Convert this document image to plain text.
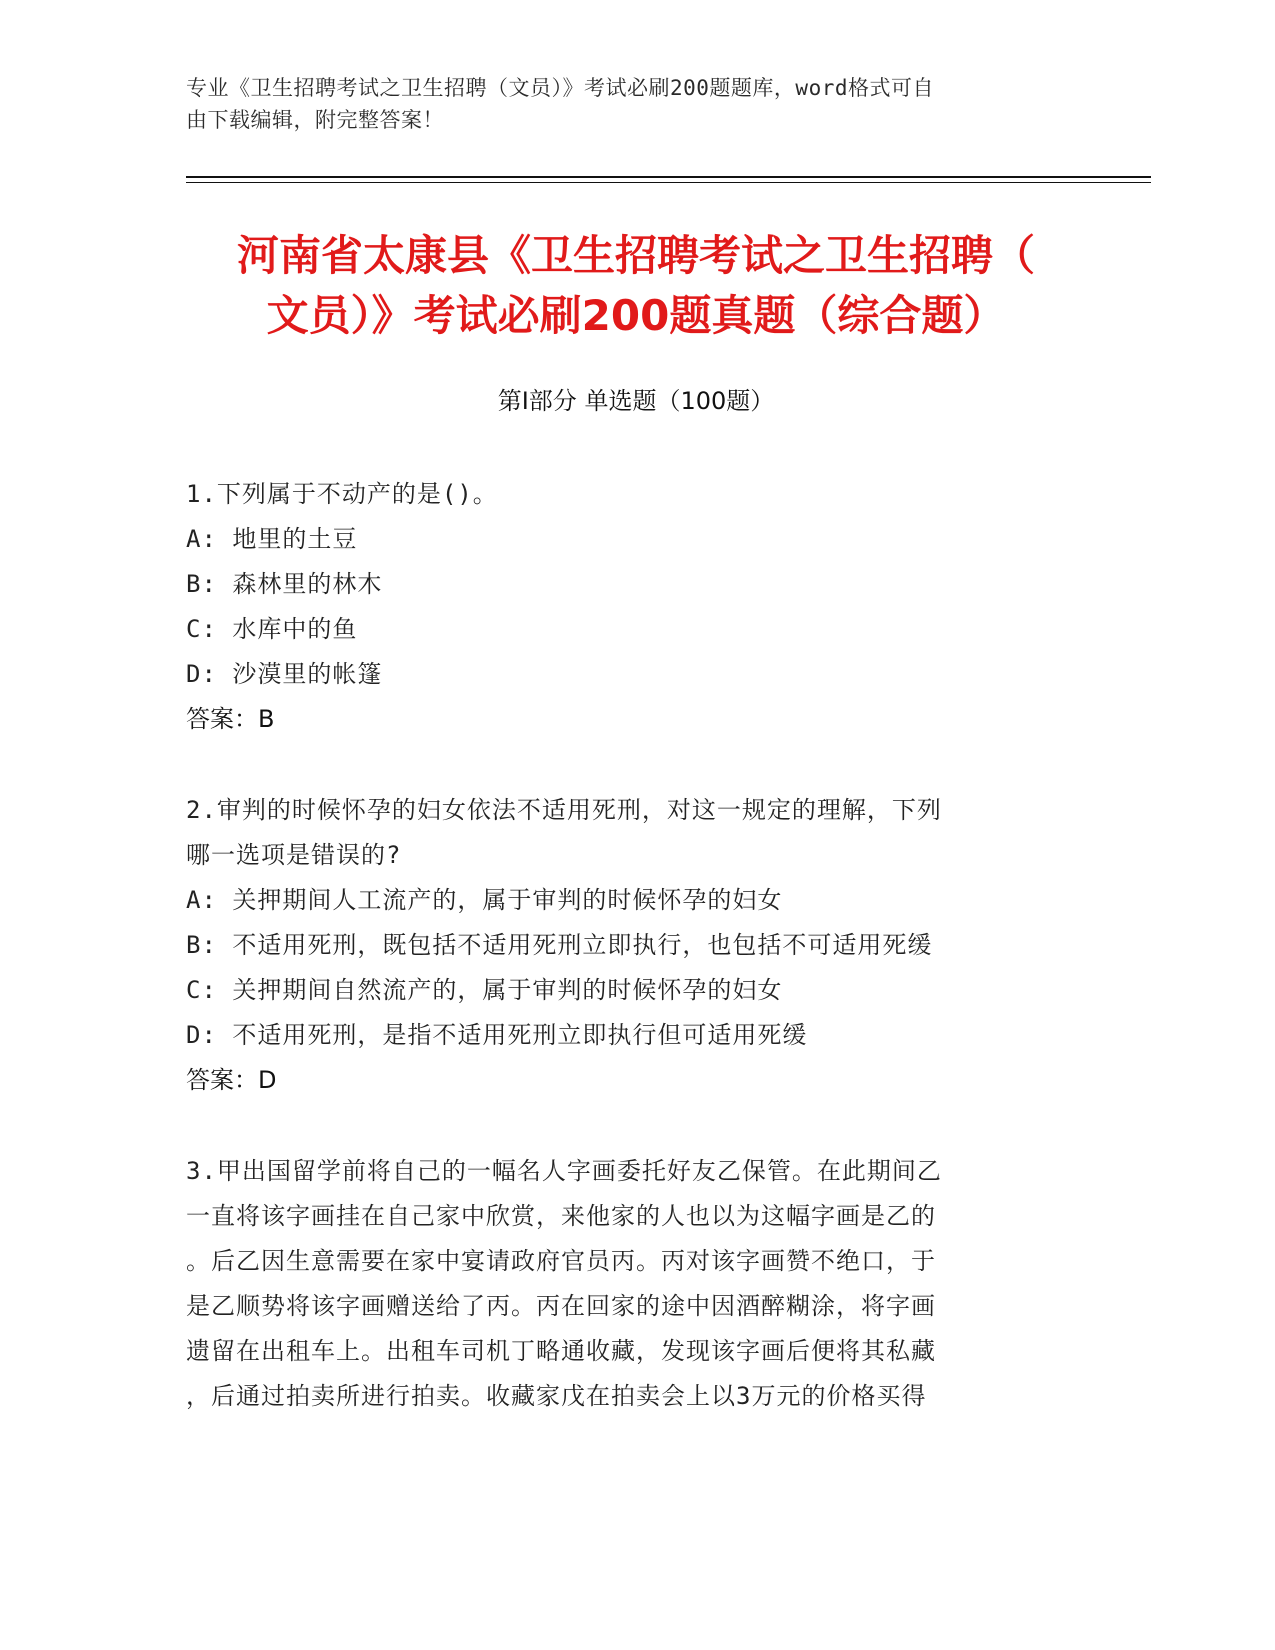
专业《卫生招聘考试之卫生招聘（文员）》考试必刷200题题库，word格式可自
由下载编辑，附完整答案！
河南省太康县《卫生招聘考试之卫生招聘（
文员）》考试必刷200题真题（综合题）
第Ⅰ部分 单选题（100题）

1.下列属于不动产的是()。

A: 地里的土豆

B: 森林里的林木

C: 水库中的鱼

D: 沙漠里的帐篷

答案：B

2.审判的时候怀孕的妇女依法不适用死刑，对这一规定的理解，下列

哪一选项是错误的?

A: 关押期间人工流产的，属于审判的时候怀孕的妇女

B: 不适用死刑，既包括不适用死刑立即执行，也包括不可适用死缓

C: 关押期间自然流产的，属于审判的时候怀孕的妇女

D: 不适用死刑，是指不适用死刑立即执行但可适用死缓

答案：D

3.甲出国留学前将自己的一幅名人字画委托好友乙保管。在此期间乙

一直将该字画挂在自己家中欣赏，来他家的人也以为这幅字画是乙的

。后乙因生意需要在家中宴请政府官员丙。丙对该字画赞不绝口，于

是乙顺势将该字画赠送给了丙。丙在回家的途中因酒醉糊涂，将字画

遗留在出租车上。出租车司机丁略通收藏，发现该字画后便将其私藏

，后通过拍卖所进行拍卖。收藏家戊在拍卖会上以3万元的价格买得
